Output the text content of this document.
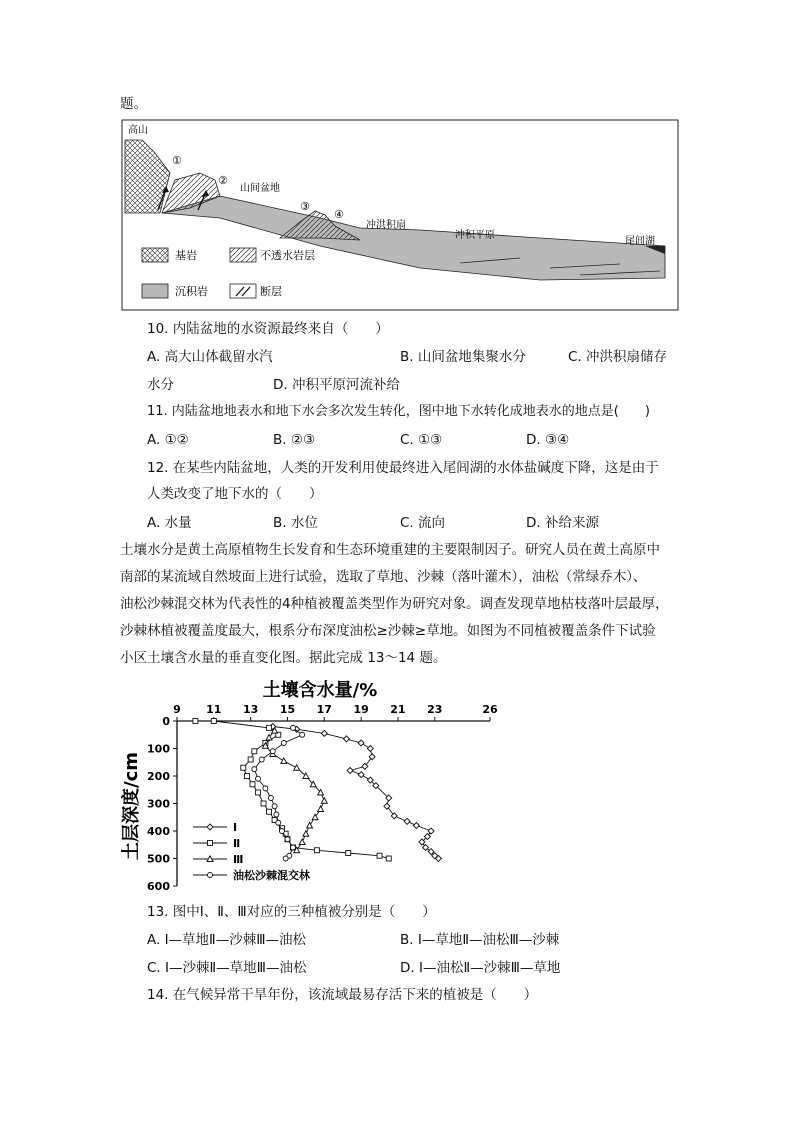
题。
高山
①
②
山间盆地
③
④
冲洪积扇
冲积平原
尾闾湖
基岩	不透水岩层
沉积岩	断层
10. 内陆盆地的水资源最终来自（　　）
A. 高大山体截留水汽	B. 山间盆地集聚水分	C. 冲洪积扇储存
水分	D. 冲积平原河流补给
11. 内陆盆地地表水和地下水会多次发生转化，图中地下水转化成地表水的地点是(　　)
A. ①②	B. ②③	C. ①③	D. ③④
12. 在某些内陆盆地，人类的开发利用使最终进入尾闾湖的水体盐碱度下降，这是由于
人类改变了地下水的（　　）
A. 水量	B. 水位	C. 流向	D. 补给来源
土壤水分是黄土高原植物生长发育和生态环境重建的主要限制因子。研究人员在黄土高原中
南部的某流域自然坡面上进行试验，选取了草地、沙棘（落叶灌木），油松（常绿乔木）、
油松沙棘混交林为代表性的4种植被覆盖类型作为研究对象。调查发现草地枯枝落叶层最厚，
沙棘林植被覆盖度最大，根系分布深度油松≥沙棘≥草地。如图为不同植被覆盖条件下试验
小区土壤含水量的垂直变化图。据此完成 13～14 题。
土壤含水量/%
土层深度/cm
9 11 13 15 17 19 21 23	26
0
100
200
300
400
500
600
Ⅰ
Ⅱ
Ⅲ
油松沙棘混交林
13. 图中Ⅰ、Ⅱ、Ⅲ对应的三种植被分别是（　　）
A. Ⅰ—草地Ⅱ—沙棘Ⅲ—油松	B. Ⅰ—草地Ⅱ—油松Ⅲ—沙棘
C. Ⅰ—沙棘Ⅱ—草地Ⅲ—油松	D. Ⅰ—油松Ⅱ—沙棘Ⅲ—草地
14. 在气候异常干旱年份，该流域最易存活下来的植被是（　　）
